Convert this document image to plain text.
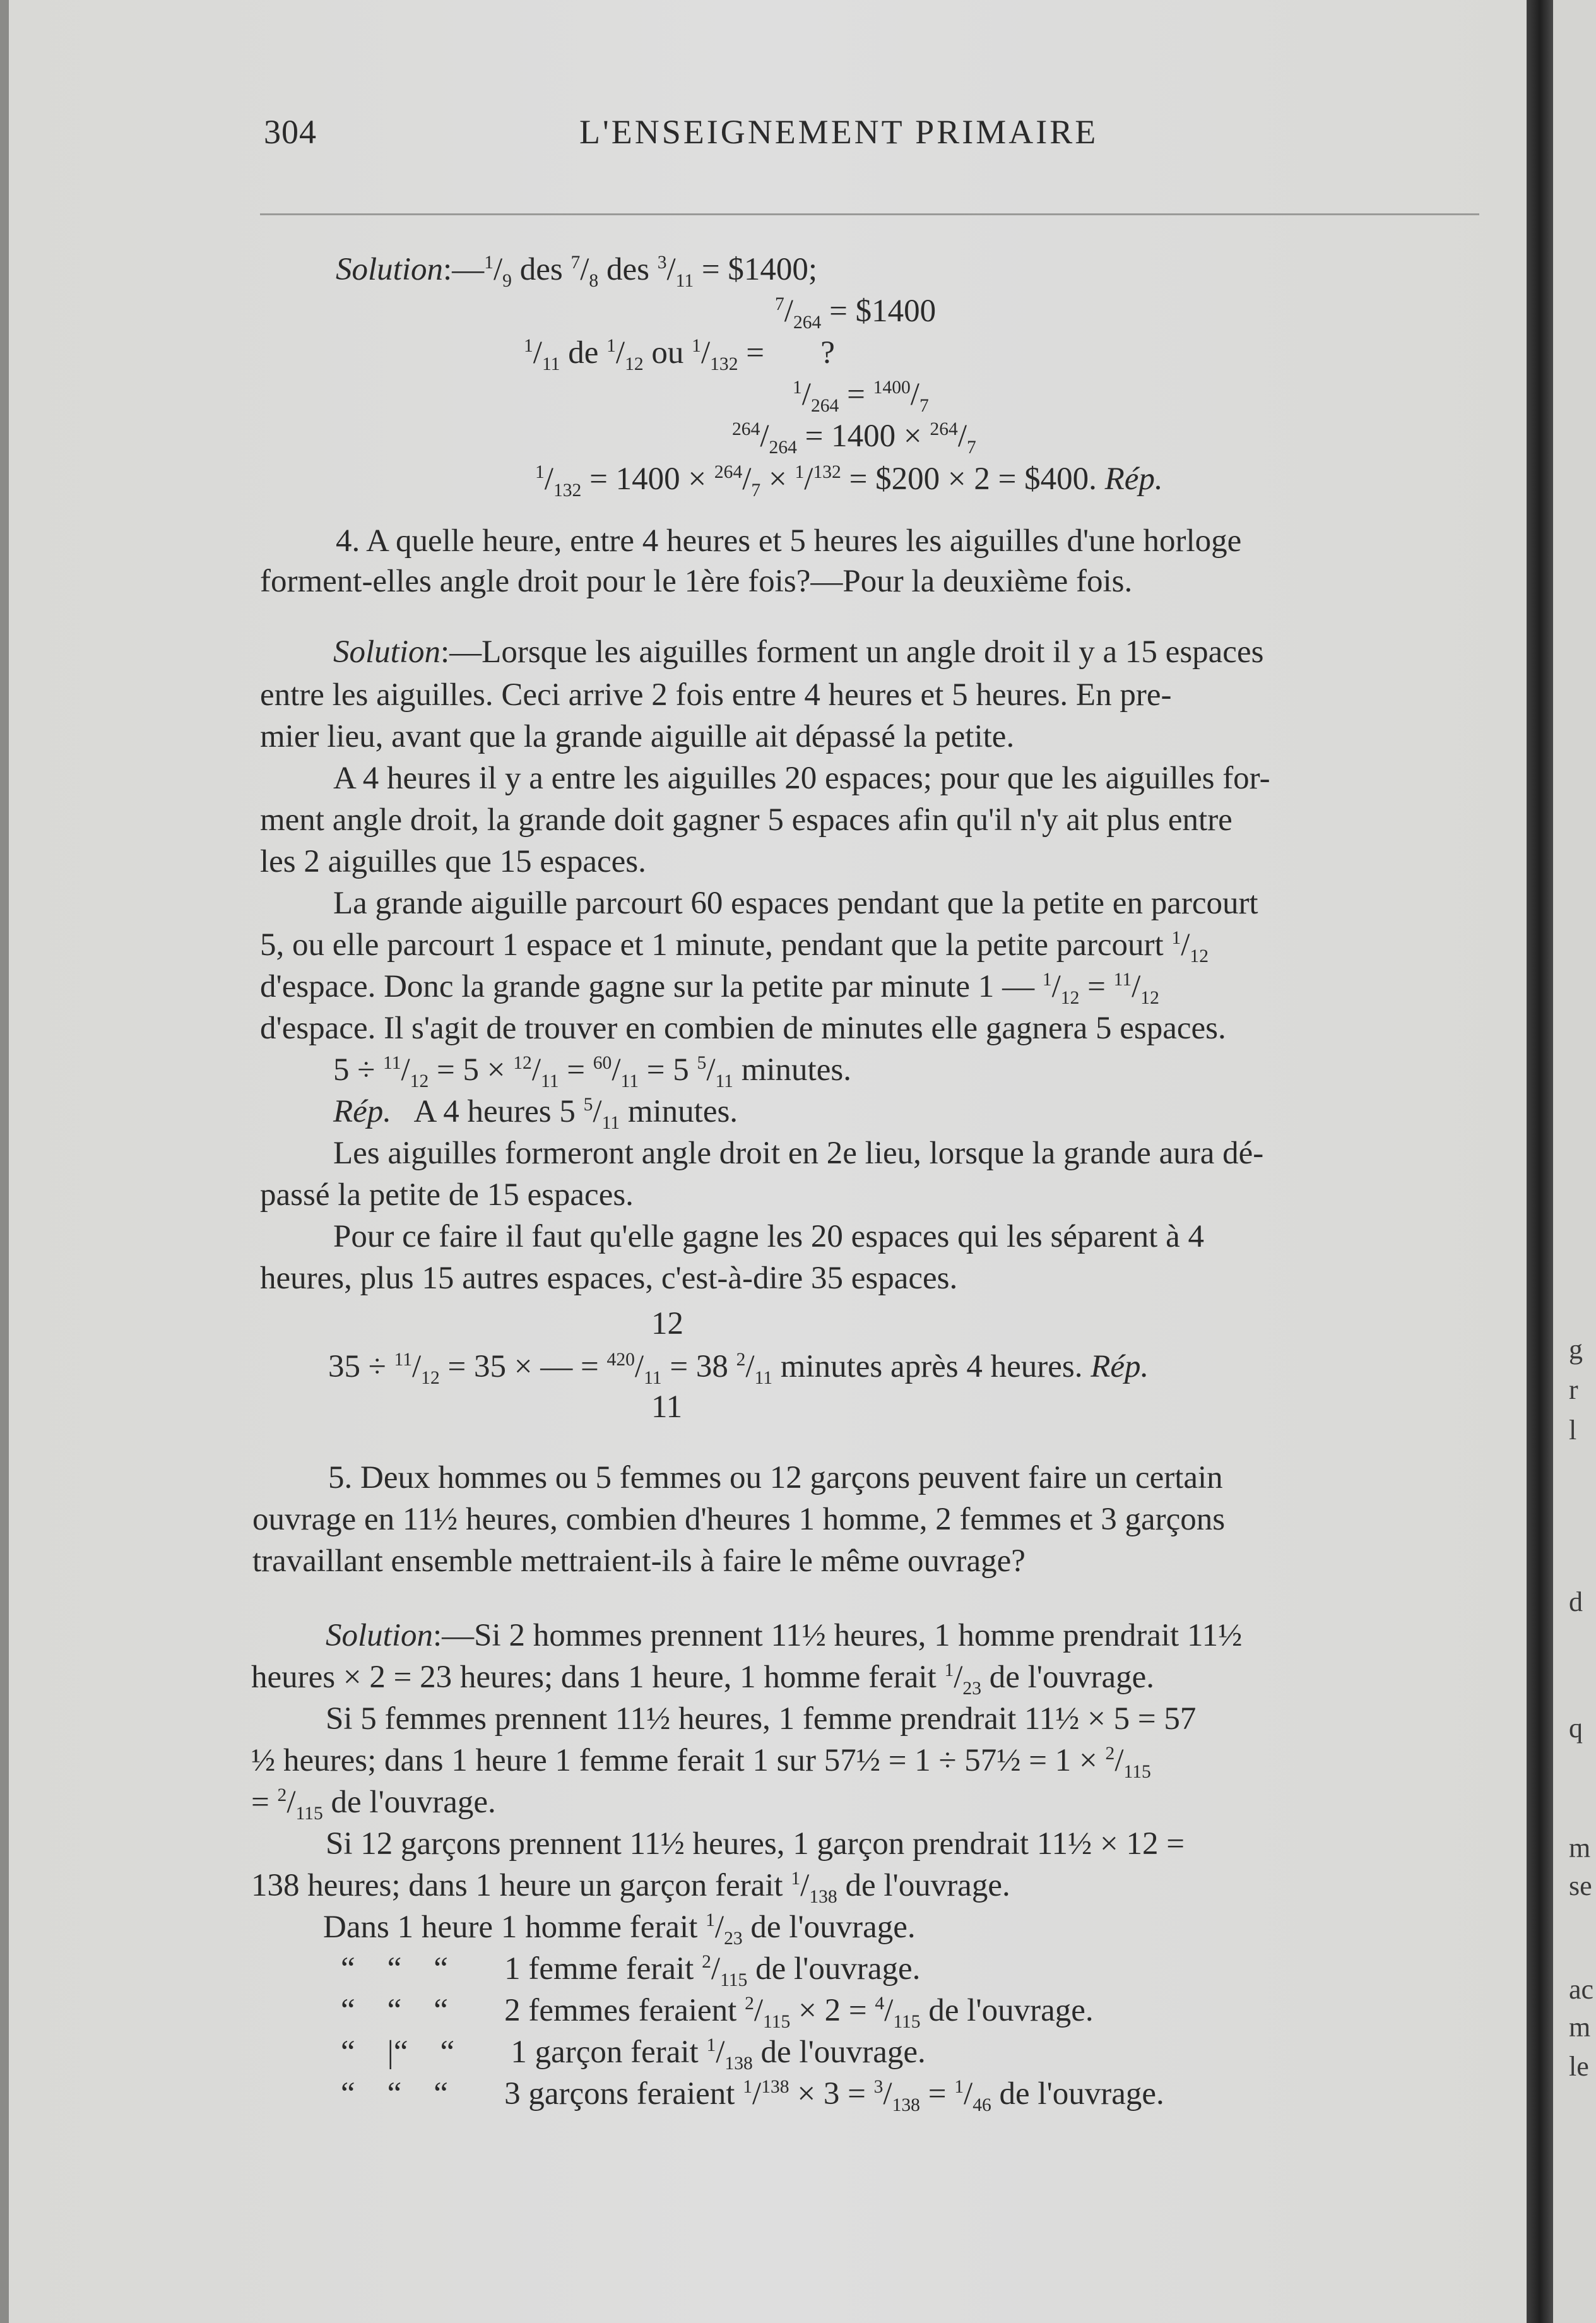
304	L'ENSEIGNEMENT PRIMAIRE
$Solution:—^1/_9$ des $^7/_8$ des $^3/_{11}$ = $1400;
$^7/_{264}$ = $1400
$^1/_{11}$ de $^1/_{12}$ ou $^1/_{132}$ =       ?
$^1/_{264} = ^{1400}/_7$
$^{264}/_{264} = 1400 \times ^{264}/_7$
$^1/_{132} = 1400 \times ^{264}/_7 \times ^1/^{132}$ = $200 × 2 = $400. Rép.
4. A quelle heure, entre 4 heures et 5 heures les aiguilles d'une horloge
forment-elles angle droit pour le 1ère fois?—Pour la deuxième fois.
Solution:—Lorsque les aiguilles forment un angle droit il y a 15 espaces
entre les aiguilles. Ceci arrive 2 fois entre 4 heures et 5 heures. En pre-
mier lieu, avant que la grande aiguille ait dépassé la petite.
A 4 heures il y a entre les aiguilles 20 espaces; pour que les aiguilles for-
ment angle droit, la grande doit gagner 5 espaces afin qu'il n'y ait plus entre
les 2 aiguilles que 15 espaces.
La grande aiguille parcourt 60 espaces pendant que la petite en parcourt
5, ou elle parcourt 1 espace et 1 minute, pendant que la petite parcourt $^1/_{12}$
d'espace. Donc la grande gagne sur la petite par minute 1 — $^1/_{12} = ^{11}/_{12}$
d'espace. Il s'agit de trouver en combien de minutes elle gagnera 5 espaces.
$5 \div ^{11}/_{12} = 5 \times ^{12}/_{11} = ^{60}/_{11} = 5$ $^5/_{11}$ minutes.
Rép.   A 4 heures 5 $^5/_{11}$ minutes.
Les aiguilles formeront angle droit en 2e lieu, lorsque la grande aura dé-
passé la petite de 15 espaces.
Pour ce faire il faut qu'elle gagne les 20 espaces qui les séparent à 4
heures, plus 15 autres espaces, c'est-à-dire 35 espaces.
12
$35 \div ^{11}/_{12} = 35$ × — = $^{420}/_{11} = 38$ $^2/_{11}$ minutes après 4 heures. Rép.
11
5. Deux hommes ou 5 femmes ou 12 garçons peuvent faire un certain
ouvrage en 11½ heures, combien d'heures 1 homme, 2 femmes et 3 garçons
travaillant ensemble mettraient-ils à faire le même ouvrage?
Solution:—Si 2 hommes prennent 11½ heures, 1 homme prendrait 11½
heures × 2 = 23 heures; dans 1 heure, 1 homme ferait $^1/_{23}$ de l'ouvrage.
Si 5 femmes prennent 11½ heures, 1 femme prendrait 11½ × 5 = 57
½ heures; dans 1 heure 1 femme ferait 1 sur 57½ = 1 ÷ 57½ = $1 \times ^2/_{115}$
= $^2/_{115}$ de l'ouvrage.
Si 12 garçons prennent 11½ heures, 1 garçon prendrait 11½ × 12 =
138 heures; dans 1 heure un garçon ferait $^1/_{138}$ de l'ouvrage.
Dans 1 heure 1 homme ferait $^1/_{23}$ de l'ouvrage.
“    “    “       1 femme ferait $^2/_{115}$ de l'ouvrage.
“    “    “       2 femmes feraient $^2/_{115} \times 2 = ^4/_{115}$ de l'ouvrage.
“    |“    “       1 garçon ferait $^1/_{138}$ de l'ouvrage.
“    “    “       3 garçons feraient $^1/^{138} \times 3 = ^3/_{138} = ^1/_{46}$ de l'ouvrage.
g
r
l
d
q
m
se
ac
m
le
